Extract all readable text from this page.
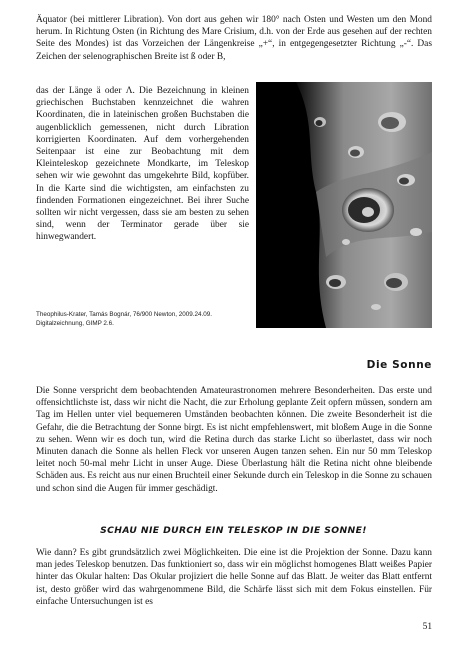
Äquator (bei mittlerer Libration). Von dort aus gehen wir 180° nach Osten und Westen um den Mond herum. In Richtung Osten (in Richtung des Mare Crisium, d.h. von der Erde aus gesehen auf der rechten Seite des Mondes) ist das Vorzeichen der Längenkreise „+“, in entgegengesetzter Richtung „-“. Das Zeichen der selenographischen Breite ist ß oder B,

das der Länge ä oder Λ. Die Bezeichnung in kleinen griechischen Buchstaben kennzeichnet die wahren Koordinaten, die in lateinischen großen Buchstaben die augenblicklich gemessenen, nicht durch Libration korrigierten Koordinaten. Auf dem vorhergehenden Seitenpaar ist eine zur Beobachtung mit dem Kleinteleskop gezeichnete Mondkarte, im Teleskop sehen wir wie gewohnt das umgekehrte Bild, kopfüber. In die Karte sind die wichtigsten, am einfachsten zu findenden Formationen eingezeichnet. Bei ihrer Suche sollten wir nicht vergessen, dass sie am besten zu sehen sind, wenn der Terminator gerade über sie hinwegwandert.

Theophilus-Krater, Tamás Bognár, 76/900 Newton, 2009.24.09. Digitalzeichnung, GIMP 2.6.

Die Sonne

Die Sonne verspricht dem beobachtenden Amateurastronomen mehrere Besonderheiten. Das erste und offensichtlichste ist, dass wir nicht die Nacht, die zur Erholung geplante Zeit opfern müssen, sondern am Tag im Hellen unter viel bequemeren Umständen beobachten können. Die zweite Besonderheit ist die Gefahr, die die Betrachtung der Sonne birgt. Es ist nicht empfehlenswert, mit bloßem Auge in die Sonne zu sehen. Wenn wir es doch tun, wird die Retina durch das starke Licht so überlastet, dass wir noch Minuten danach die Sonne als hellen Fleck vor unseren Augen tanzen sehen. Ein nur 50 mm Teleskop leitet noch 50-mal mehr Licht in unser Auge. Diese Überlastung hält die Retina nicht ohne bleibende Schäden aus. Es reicht aus nur einen Bruchteil einer Sekunde durch ein Teleskop in die Sonne zu schauen und schon sind die Augen für immer geschädigt.

SCHAU NIE DURCH EIN TELESKOP IN DIE SONNE!

Wie dann? Es gibt grundsätzlich zwei Möglichkeiten. Die eine ist die Projektion der Sonne. Dazu kann man jedes Teleskop benutzen. Das funktioniert so, dass wir ein möglichst homogenes Blatt weißes Papier hinter das Okular halten: Das Okular projiziert die helle Sonne auf das Blatt. Je weiter das Blatt entfernt ist, desto größer wird das wahrgenommene Bild, die Schärfe lässt sich mit dem Fokus einstellen. Für einfache Untersuchungen ist es

51
